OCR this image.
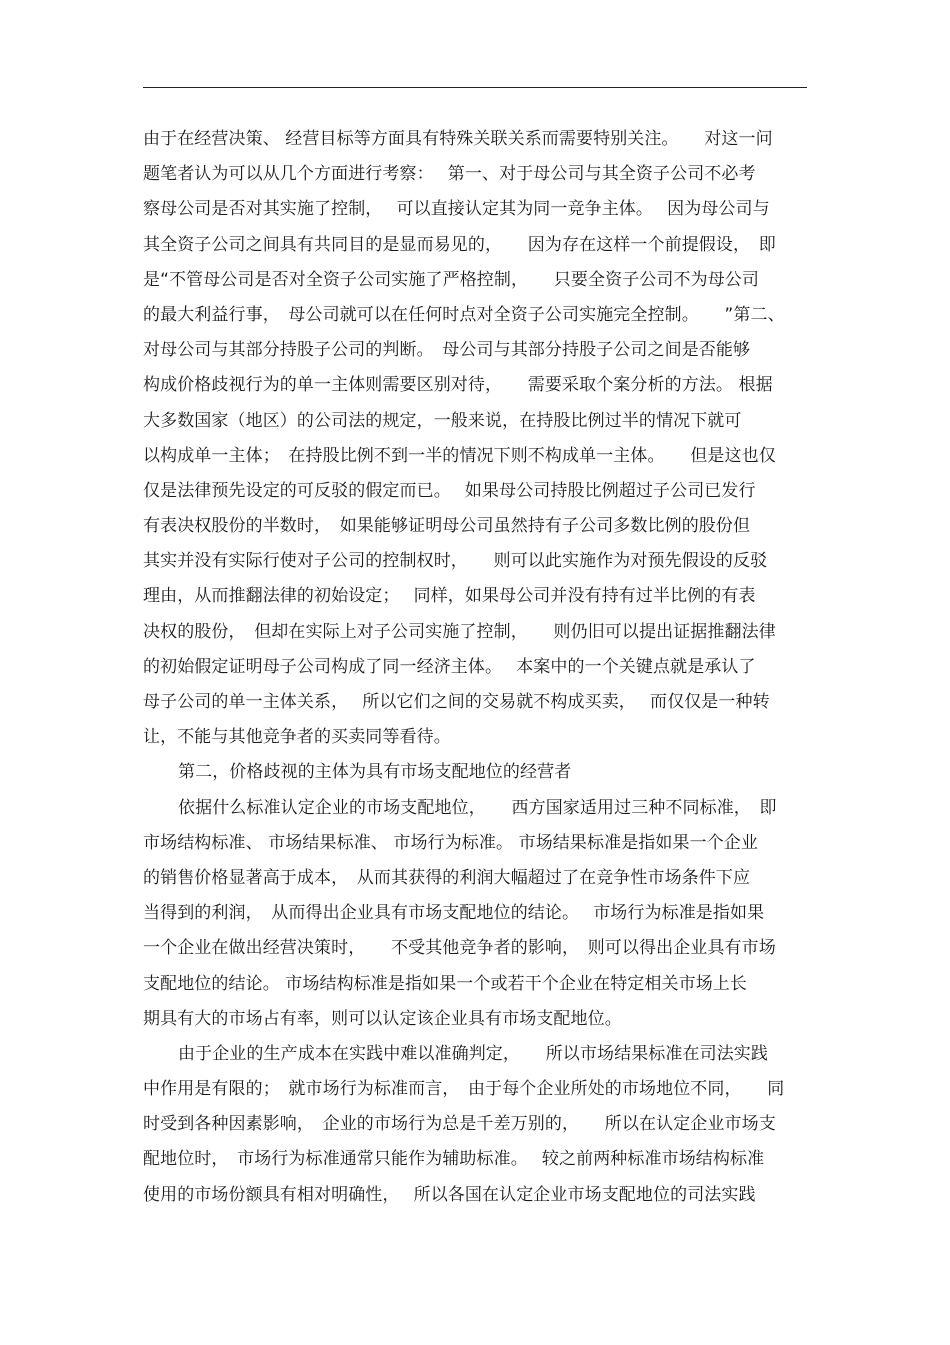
由于在经营决策、 经营目标等方面具有特殊关联关系而需要特别关注。　　对这一问
题笔者认为可以从几个方面进行考察：　 第一、对于母公司与其全资子公司不必考
察母公司是否对其实施了控制，　 可以直接认定其为同一竞争主体。　 因为母公司与
其全资子公司之间具有共同目的是显而易见的，　　因为存在这样一个前提假设，　即
是“不管母公司是否对全资子公司实施了严格控制，　　只要全资子公司不为母公司
的最大利益行事，　母公司就可以在任何时点对全资子公司实施完全控制。　　”第二、
对母公司与其部分持股子公司的判断。　母公司与其部分持股子公司之间是否能够
构成价格歧视行为的单一主体则需要区别对待，　　需要采取个案分析的方法。 根据
大多数国家（地区）的公司法的规定，一般来说，在持股比例过半的情况下就可
以构成单一主体；　在持股比例不到一半的情况下则不构成单一主体。　　但是这也仅
仅是法律预先设定的可反驳的假定而已。　 如果母公司持股比例超过子公司已发行
有表决权股份的半数时，　如果能够证明母公司虽然持有子公司多数比例的股份但
其实并没有实际行使对子公司的控制权时，　　则可以此实施作为对预先假设的反驳
理由，从而推翻法律的初始设定；　 同样，如果母公司并没有持有过半比例的有表
决权的股份，　但却在实际上对子公司实施了控制，　　则仍旧可以提出证据推翻法律
的初始假定证明母子公司构成了同一经济主体。　 本案中的一个关键点就是承认了
母子公司的单一主体关系，　 所以它们之间的交易就不构成买卖，　 而仅仅是一种转
让，不能与其他竞争者的买卖同等看待。
第二，价格歧视的主体为具有市场支配地位的经营者
依据什么标准认定企业的市场支配地位，　　西方国家适用过三种不同标准，　即
市场结构标准、 市场结果标准、 市场行为标准。 市场结果标准是指如果一个企业
的销售价格显著高于成本，　从而其获得的利润大幅超过了在竞争性市场条件下应
当得到的利润，　从而得出企业具有市场支配地位的结论。　 市场行为标准是指如果
一个企业在做出经营决策时，　　不受其他竞争者的影响，　则可以得出企业具有市场
支配地位的结论。 市场结构标准是指如果一个或若干个企业在特定相关市场上长
期具有大的市场占有率，则可以认定该企业具有市场支配地位。
由于企业的生产成本在实践中难以准确判定，　　所以市场结果标准在司法实践
中作用是有限的；　就市场行为标准而言，　由于每个企业所处的市场地位不同，　　同
时受到各种因素影响，　企业的市场行为总是千差万别的，　　所以在认定企业市场支
配地位时，　市场行为标准通常只能作为辅助标准。　 较之前两种标准市场结构标准
使用的市场份额具有相对明确性，　 所以各国在认定企业市场支配地位的司法实践
